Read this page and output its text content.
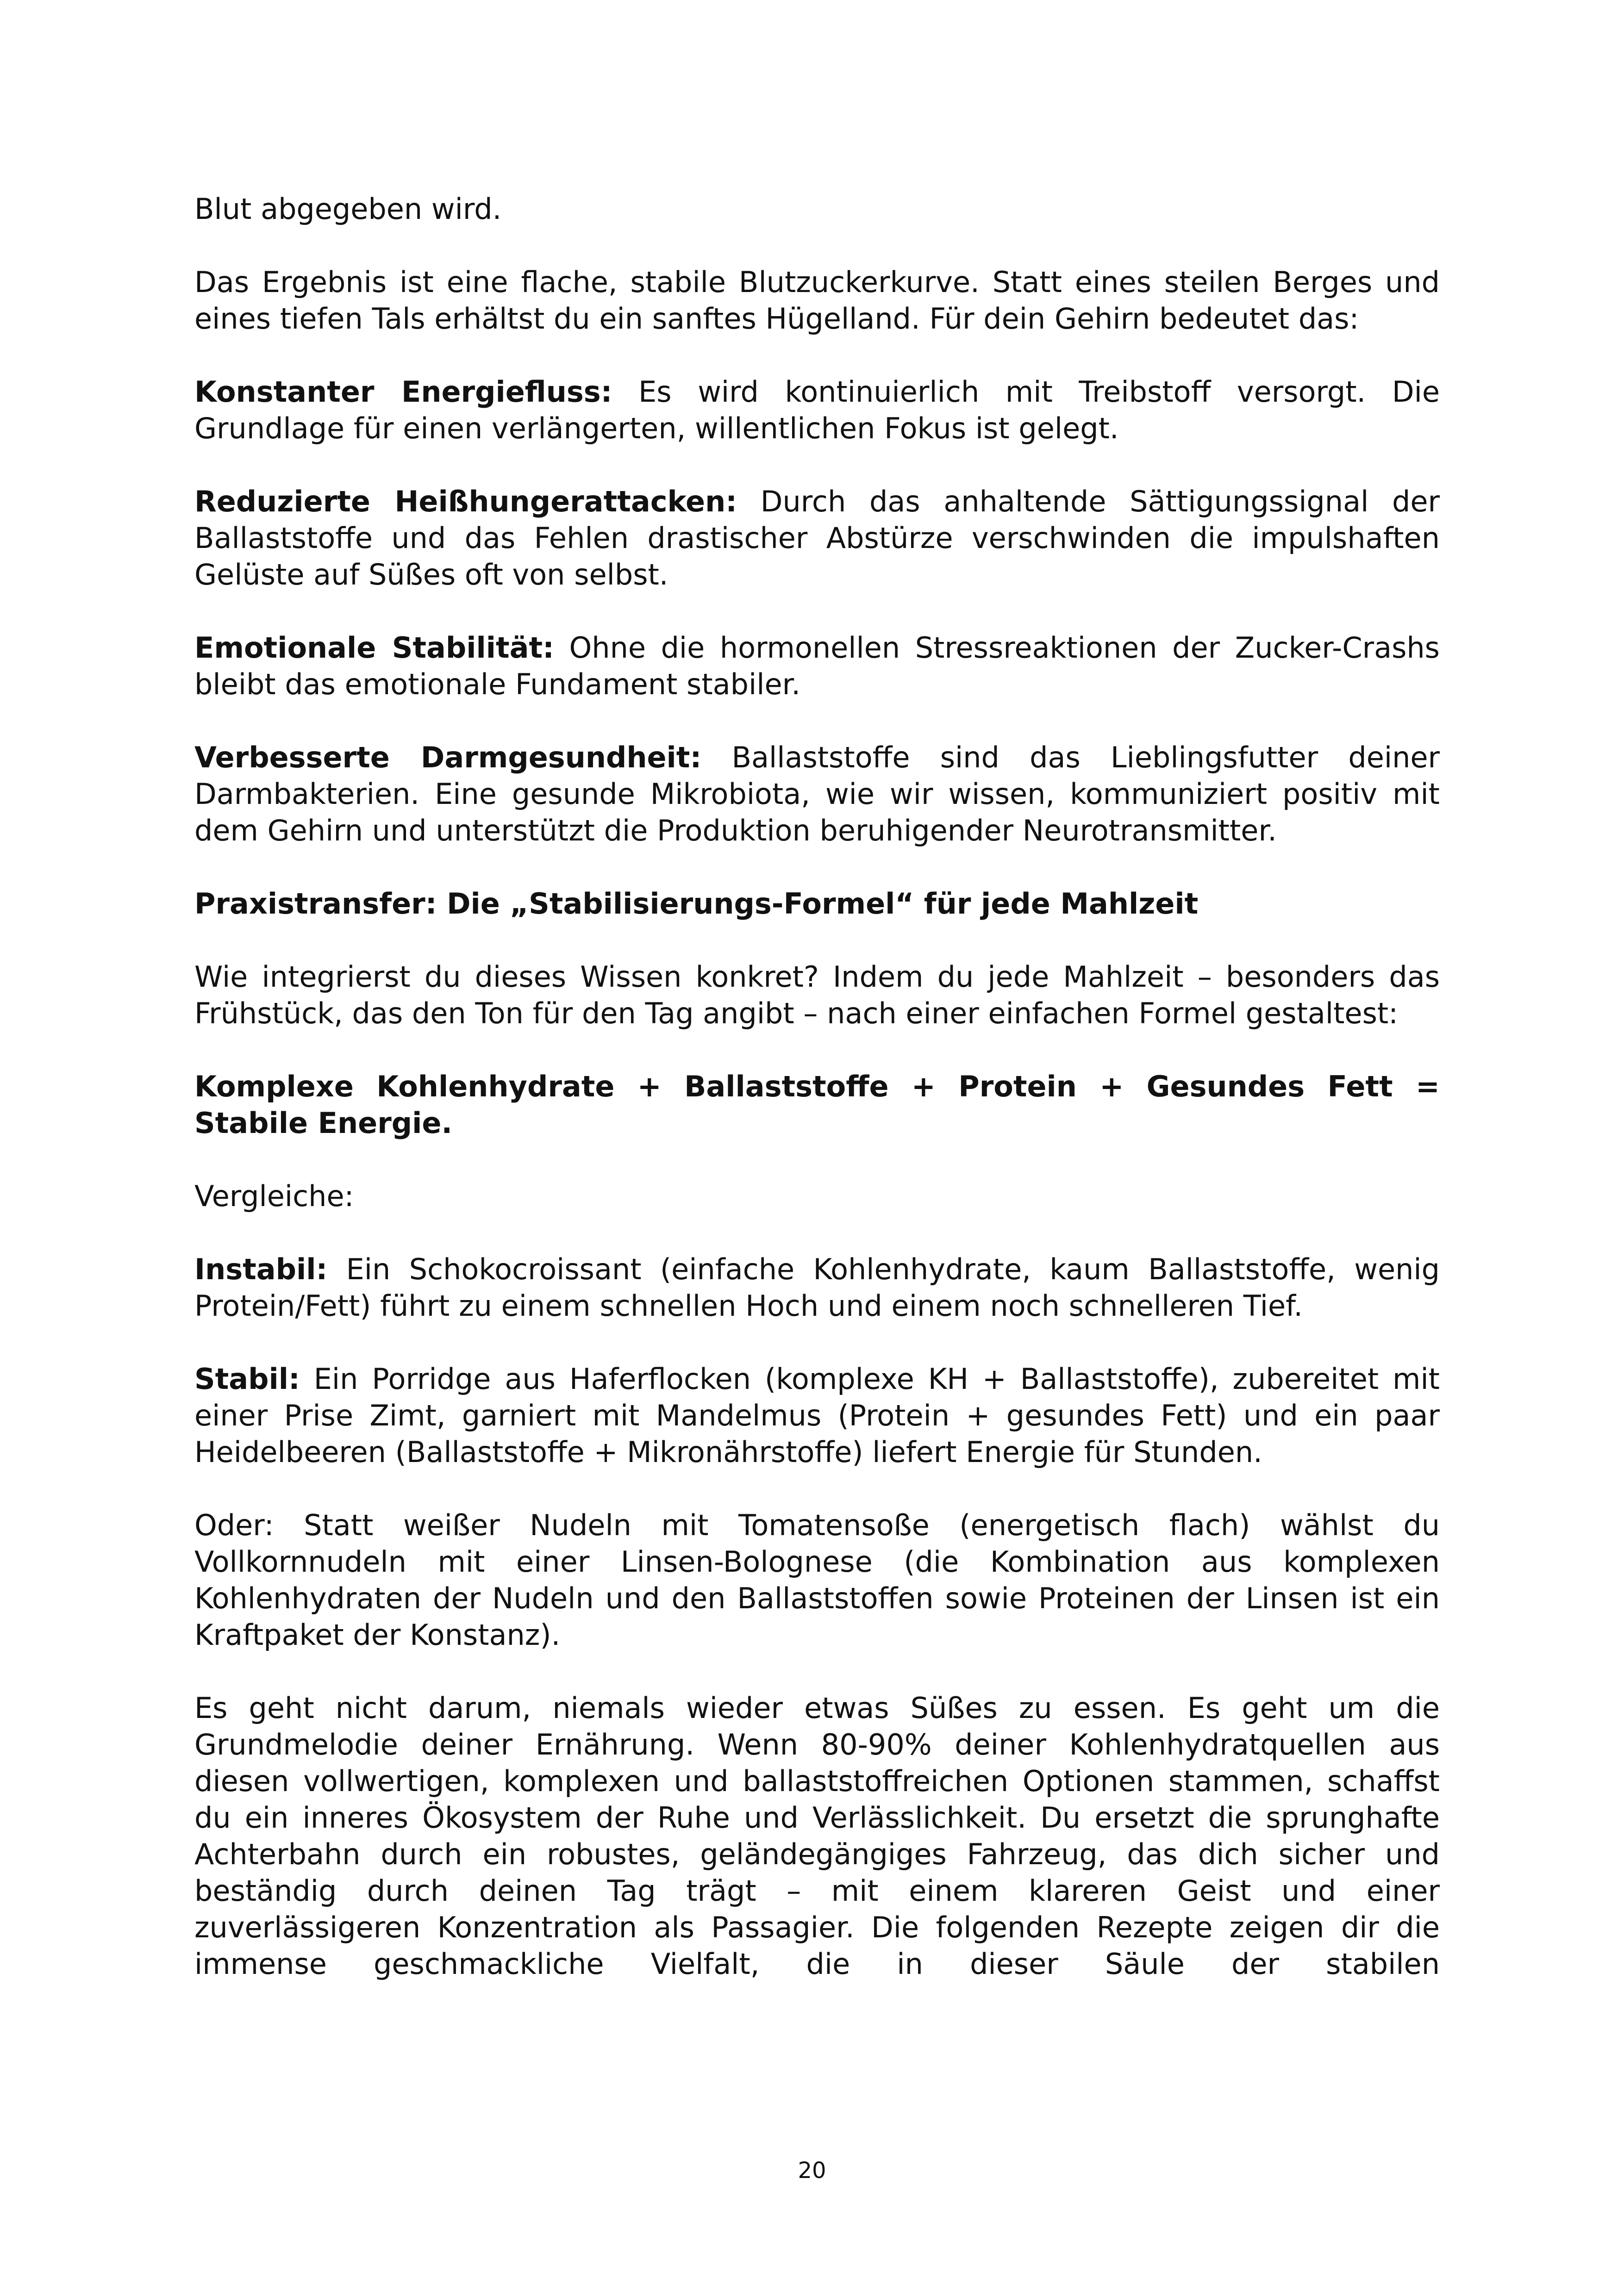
Blut abgegeben wird.

Das Ergebnis ist eine flache, stabile Blutzuckerkurve. Statt eines steilen Berges und eines tiefen Tals erhältst du ein sanftes Hügelland. Für dein Gehirn bedeutet das:

Konstanter Energiefluss: Es wird kontinuierlich mit Treibstoff versorgt. Die Grundlage für einen verlängerten, willentlichen Fokus ist gelegt.

Reduzierte Heißhungerattacken: Durch das anhaltende Sättigungssignal der Ballaststoffe und das Fehlen drastischer Abstürze verschwinden die impulshaften Gelüste auf Süßes oft von selbst.

Emotionale Stabilität: Ohne die hormonellen Stressreaktionen der Zucker-Crashs bleibt das emotionale Fundament stabiler.

Verbesserte Darmgesundheit: Ballaststoffe sind das Lieblingsfutter deiner Darmbakterien. Eine gesunde Mikrobiota, wie wir wissen, kommuniziert positiv mit dem Gehirn und unterstützt die Produktion beruhigender Neurotransmitter.

Praxistransfer: Die „Stabilisierungs-Formel“ für jede Mahlzeit

Wie integrierst du dieses Wissen konkret? Indem du jede Mahlzeit – besonders das Frühstück, das den Ton für den Tag angibt – nach einer einfachen Formel gestaltest:

Komplexe Kohlenhydrate + Ballaststoffe + Protein + Gesundes Fett = Stabile Energie.

Vergleiche:

Instabil: Ein Schokocroissant (einfache Kohlenhydrate, kaum Ballaststoffe, wenig Protein/Fett) führt zu einem schnellen Hoch und einem noch schnelleren Tief.

Stabil: Ein Porridge aus Haferflocken (komplexe KH + Ballaststoffe), zubereitet mit einer Prise Zimt, garniert mit Mandelmus (Protein + gesundes Fett) und ein paar Heidelbeeren (Ballaststoffe + Mikronährstoffe) liefert Energie für Stunden.

Oder: Statt weißer Nudeln mit Tomatensoße (energetisch flach) wählst du Vollkornnudeln mit einer Linsen-Bolognese (die Kombination aus komplexen Kohlenhydraten der Nudeln und den Ballaststoffen sowie Proteinen der Linsen ist ein Kraftpaket der Konstanz).

Es geht nicht darum, niemals wieder etwas Süßes zu essen. Es geht um die Grundmelodie deiner Ernährung. Wenn 80-90% deiner Kohlenhydratquellen aus diesen vollwertigen, komplexen und ballaststoffreichen Optionen stammen, schaffst du ein inneres Ökosystem der Ruhe und Verlässlichkeit. Du ersetzt die sprunghafte Achterbahn durch ein robustes, geländegängiges Fahrzeug, das dich sicher und beständig durch deinen Tag trägt – mit einem klareren Geist und einer zuverlässigeren Konzentration als Passagier. Die folgenden Rezepte zeigen dir die immense geschmackliche Vielfalt, die in dieser Säule der stabilen

20
